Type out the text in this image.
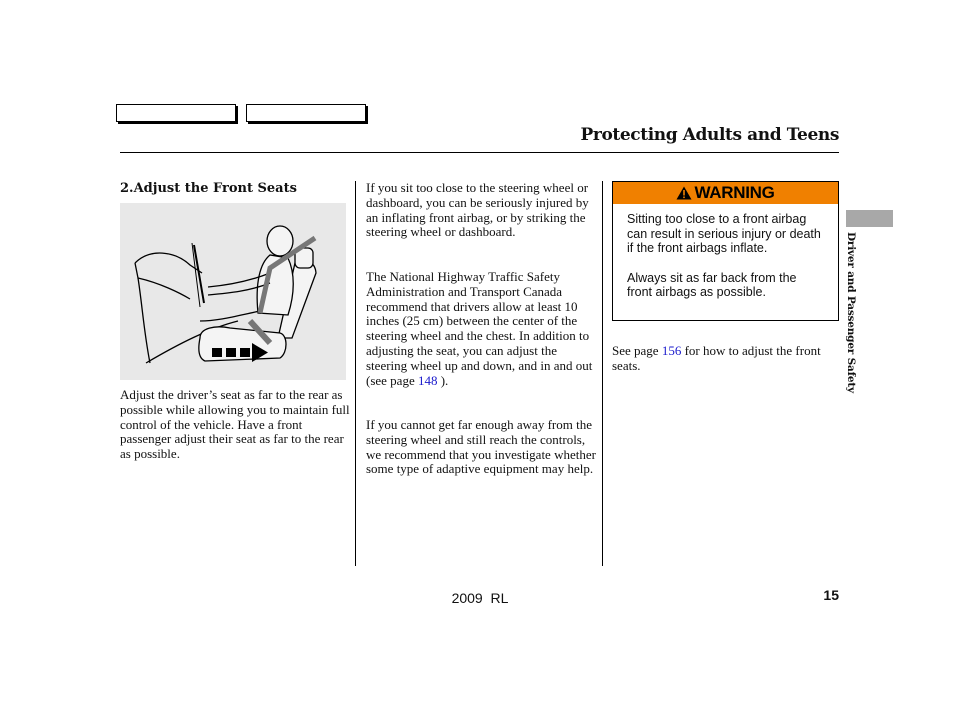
Protecting Adults and Teens
2.Adjust the Front Seats
Adjust the driver’s seat as far to the rear as possible while allowing you to maintain full control of the vehicle. Have a front passenger adjust their seat as far to the rear as possible.
If you sit too close to the steering wheel or dashboard, you can be seriously injured by an inflating front airbag, or by striking the steering wheel or dashboard.
The National Highway Traffic Safety Administration and Transport Canada recommend that drivers allow at least 10 inches (25 cm) between the center of the steering wheel and the chest. In addition to adjusting the seat, you can adjust the steering wheel up and down, and in and out (see page 148 ).
If you cannot get far enough away from the steering wheel and still reach the controls, we recommend that you investigate whether some type of adaptive equipment may help.
WARNING

Sitting too close to a front airbag can result in serious injury or death if the front airbags inflate.

Always sit as far back from the front airbags as possible.

See page 156 for how to adjust the front seats.	Driver and Passenger Safety
2009  RL	15
